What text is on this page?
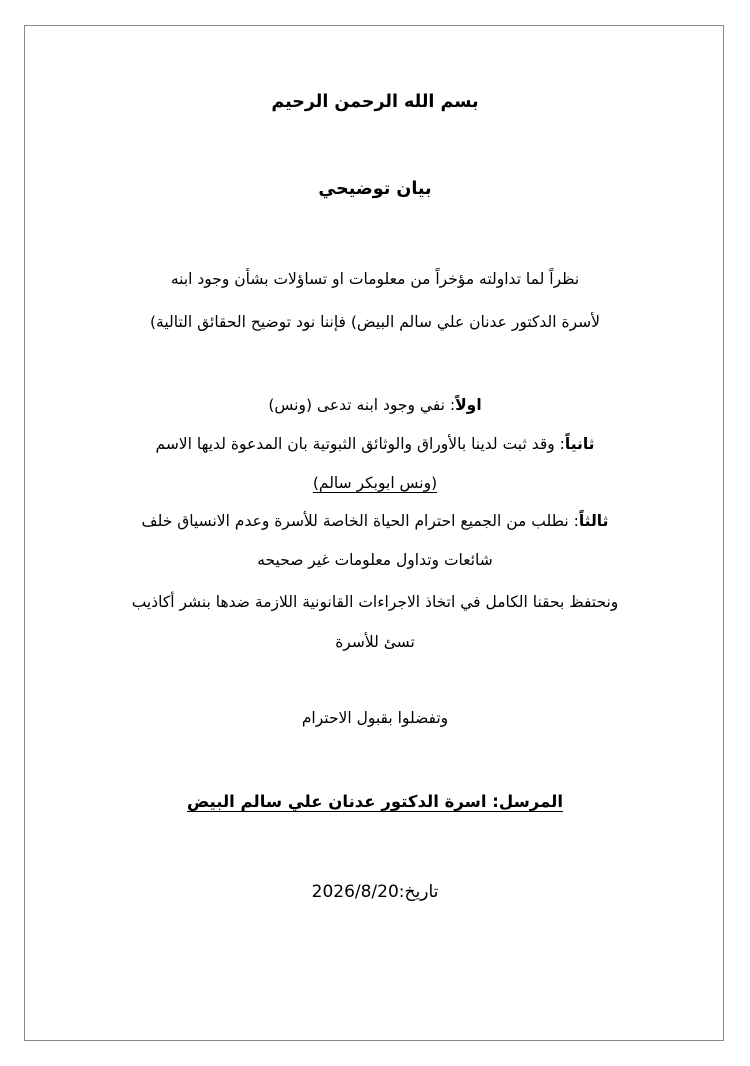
بسم الله الرحمن الرحيم
بيان توضيحي
نظراً لما تداولته مؤخراً من معلومات او تساؤلات بشأن وجود ابنه
لأسرة الدكتور عدنان علي سالم البيض) فإننا نود توضيح الحقائق التالية)
اولاً: نفي وجود ابنه تدعى (ونس)
ثانياً: وقد ثبت لدينا بالأوراق والوثائق الثبوتية بان المدعوة لديها الاسم
(ونس ابوبكر سالم)
ثالثاً: نطلب من الجميع احترام الحياة الخاصة للأسرة وعدم الانسياق خلف
شائعات وتداول معلومات غير صحيحه
ونحتفظ بحقنا الكامل في اتخاذ الاجراءات القانونية اللازمة ضدها بنشر أكاذيب
تسئ للأسرة
وتفضلوا بقبول الاحترام
المرسل: اسرة الدكتور عدنان علي سالم البيض
تاريخ:2026/8/20
